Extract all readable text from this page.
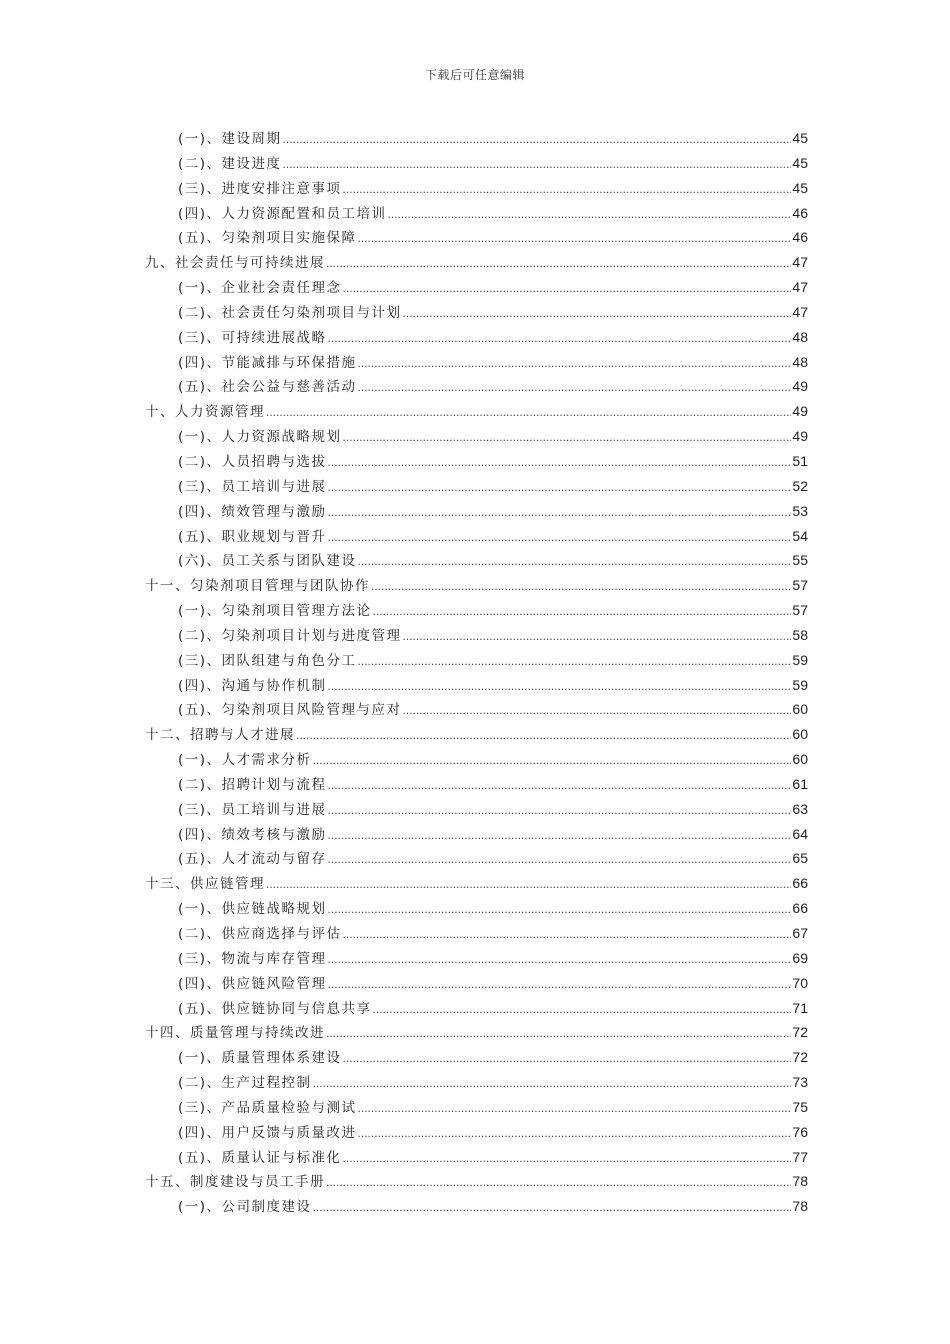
下载后可任意编辑
(一)、建设周期 .....	45
(二)、建设进度 .....	45
(三)、进度安排注意事项 .....	45
(四)、人力资源配置和员工培训 .....	46
(五)、匀染剂项目实施保障 .....	46
九、社会责任与可持续进展 .....	47
(一)、企业社会责任理念 .....	47
(二)、社会责任匀染剂项目与计划 .....	47
(三)、可持续进展战略 .....	48
(四)、节能减排与环保措施 .....	48
(五)、社会公益与慈善活动 .....	49
十、人力资源管理 .....	49
(一)、人力资源战略规划 .....	49
(二)、人员招聘与选拔 .....	51
(三)、员工培训与进展 .....	52
(四)、绩效管理与激励 .....	53
(五)、职业规划与晋升 .....	54
(六)、员工关系与团队建设 .....	55
十一、匀染剂项目管理与团队协作 .....	57
(一)、匀染剂项目管理方法论 .....	57
(二)、匀染剂项目计划与进度管理 .....	58
(三)、团队组建与角色分工 .....	59
(四)、沟通与协作机制 .....	59
(五)、匀染剂项目风险管理与应对 .....	60
十二、招聘与人才进展 .....	60
(一)、人才需求分析 .....	60
(二)、招聘计划与流程 .....	61
(三)、员工培训与进展 .....	63
(四)、绩效考核与激励 .....	64
(五)、人才流动与留存 .....	65
十三、供应链管理 .....	66
(一)、供应链战略规划 .....	66
(二)、供应商选择与评估 .....	67
(三)、物流与库存管理 .....	69
(四)、供应链风险管理 .....	70
(五)、供应链协同与信息共享 .....	71
十四、质量管理与持续改进 .....	72
(一)、质量管理体系建设 .....	72
(二)、生产过程控制 .....	73
(三)、产品质量检验与测试 .....	75
(四)、用户反馈与质量改进 .....	76
(五)、质量认证与标准化 .....	77
十五、制度建设与员工手册 .....	78
(一)、公司制度建设 .....	78
